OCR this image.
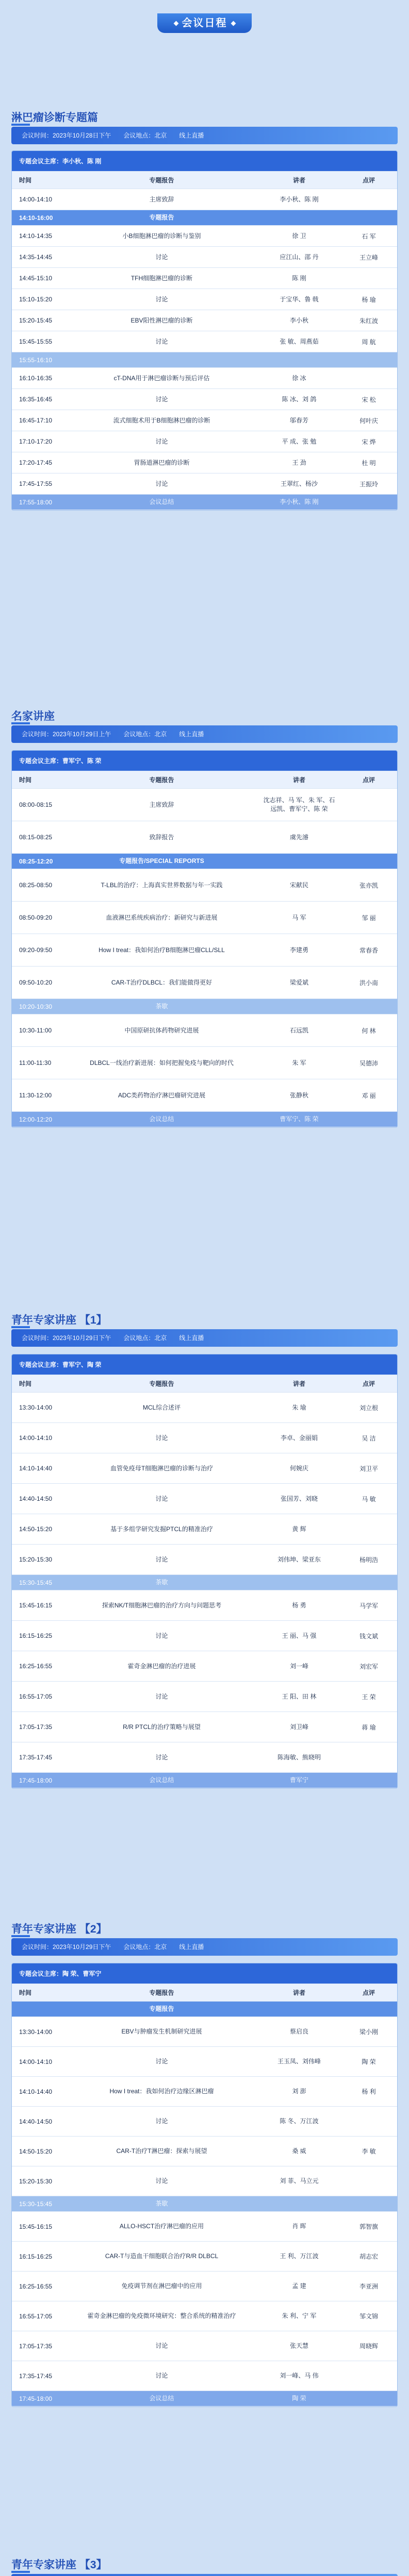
会议日程
淋巴瘤诊断专题篇
会议时间：2023年10月28日下午 会议地点：北京 线上直播
专题会议主席：李小秋、陈 刚
时间	专题报告	讲者	点评
14:00-14:10	主席致辞	李小秋、陈 刚
14:10-16:00	专题报告
14:10-14:35	小B细胞淋巴瘤的诊断与鉴别	徐 卫	石 军
14:35-14:45	讨论	应江山、邵 丹	王立峰
14:45-15:10	TFH细胞淋巴瘤的诊断	陈 刚
15:10-15:20	讨论	于宝华、鲁 戟	杨 瑜
15:20-15:45	EBV阳性淋巴瘤的诊断	李小秋	朱红波
15:45-15:55	讨论	张 敏、周燕茹	周 航
15:55-16:10
16:10-16:35	cT-DNA用于淋巴瘤诊断与预后评估	徐 冰
16:35-16:45	讨论	陈 冰、刘 鸽	宋 松
16:45-17:10	流式细胞术用于B细胞淋巴瘤的诊断	邬春芳	何叶庆
17:10-17:20	讨论	平 成、张 勉	宋 烨
17:20-17:45	胃肠道淋巴瘤的诊断	王 劲	杜 明
17:45-17:55	讨论	王翠红、杨沙	王振玲
17:55-18:00	会议总结	李小秋、陈 刚
名家讲座
会议时间：2023年10月29日上午 会议地点：北京 线上直播
专题会议主席：曹军宁、陈 荣
时间	专题报告	讲者	点评
08:00-08:15	主席致辞
沈志祥、马 军、朱 军、石远凯、曹军宁、陈 荣
08:15-08:25	致辞报告	虞先濬
08:25-12:20	专题报告/SPECIAL REPORTS
08:25-08:50	T-LBL的治疗：上海真实世界数据与年一实践	宋献民	张亦凯
08:50-09:20	血液淋巴系统疾病治疗：新研究与新进展	马 军	邹 丽
09:20-09:50	How I treat：我如何治疗B细胞淋巴瘤CLL/SLL	李建勇	常春香
09:50-10:20	CAR-T治疗DLBCL：我们能做得更好	梁爱斌	洪小南
10:20-10:30	茶歇
10:30-11:00	中国原研抗体药物研究进展	石远凯	何 林
11:00-11:30	DLBCL一线治疗新进展：如何把握免疫与靶向的时代	朱 军	吴德沛
11:30-12:00	ADC类药物治疗淋巴瘤研究进展	张静秋	邓 丽
12:00-12:20	会议总结	曹军宁、陈 荣
青年专家讲座 【1】
会议时间：2023年10月29日下午 会议地点：北京 线上直播
专题会议主席：曹军宁、陶 荣
时间	专题报告	讲者	点评
13:30-14:00	MCL综合述评	朱 瑜	刘立根
14:00-14:10	讨论	李卓、金丽娟	吴 洁
14:10-14:40	血管免疫母T细胞淋巴瘤的诊断与治疗	何婉庆	刘卫平
14:40-14:50	讨论	张国芳、刘晓	马 敏
14:50-15:20	基于多组学研究发掘PTCL的精准治疗	黄 辉
15:20-15:30	讨论	刘伟坤、梁亚东	杨明浩
15:30-15:45	茶歇
15:45-16:15	探索NK/T细胞淋巴瘤的治疗方向与问题思考	杨 勇	马学军
16:15-16:25	讨论	王 丽、马 强	钱文斌
16:25-16:55	霍奇金淋巴瘤的治疗进展	刘一峰	刘宏军
16:55-17:05	讨论	王 阳、田 林	王 荣
17:05-17:35	R/R PTCL的治疗策略与展望	刘卫峰	蒋 瑜
17:35-17:45	讨论	陈海敏、熊晓明
17:45-18:00	会议总结	曹军宁
青年专家讲座 【2】
会议时间：2023年10月29日下午 会议地点：北京 线上直播
专题会议主席：陶 荣、曹军宁
时间	专题报告	讲者	点评
专题报告
13:30-14:00	EBV与肿瘤发生机制研究进展	蔡启良	梁小刚
14:00-14:10	讨论	王玉凤、刘伟峰	陶 荣
14:10-14:40	How I treat：我如何治疗边缘区淋巴瘤	刘 澎	杨 利
14:40-14:50	讨论	陈 冬、万江波
14:50-15:20	CAR-T治疗T淋巴瘤：探索与展望	桑 威	李 敏
15:20-15:30	讨论	刘 菲、马立元
15:30-15:45	茶歇
15:45-16:15	ALLO-HSCT治疗淋巴瘤的应用	肖 晖	郭智旗
16:15-16:25	CAR-T与造血干细胞联合治疗R/R DLBCL	王 利、万江波	胡志宏
16:25-16:55	免疫调节剂在淋巴瘤中的应用	孟 建	李亚洲
16:55-17:05	霍奇金淋巴瘤的免疫微环境研究：整合系统的精准治疗	朱 利、宁 军	邹文锦
17:05-17:35	讨论	张天慧	周晓辉
17:35-17:45	讨论	刘一峰、马 伟
17:45-18:00	会议总结	陶 荣
青年专家讲座 【3】
